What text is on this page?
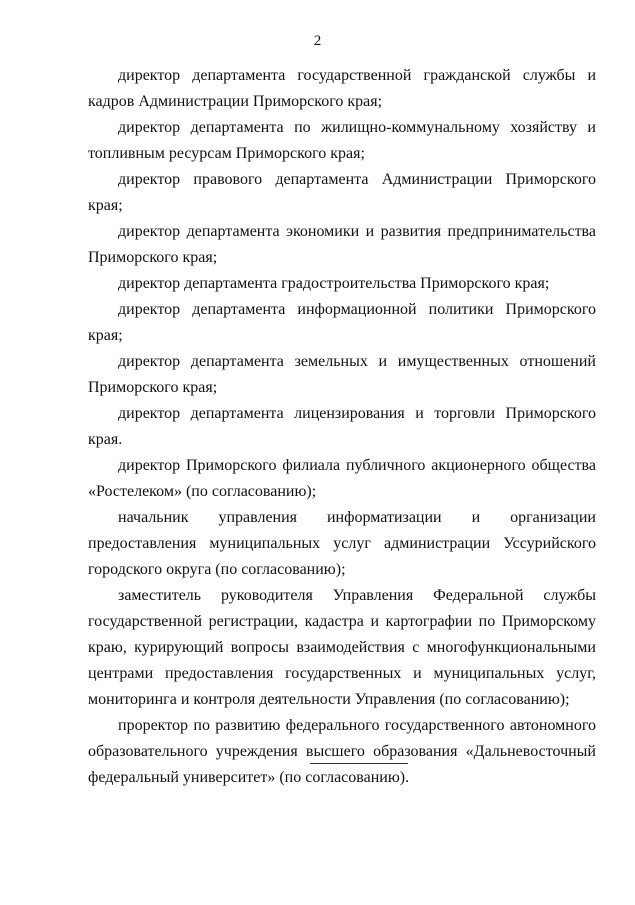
2

директор департамента государственной гражданской службы и кадров Администрации Приморского края;

директор департамента по жилищно-коммунальному хозяйству и топливным ресурсам Приморского края;

директор правового департамента Администрации Приморского края;

директор департамента экономики и развития предпринимательства Приморского края;

директор департамента градостроительства Приморского края;

директор департамента информационной политики Приморского края;

директор департамента земельных и имущественных отношений Приморского края;

директор департамента лицензирования и торговли Приморского края.

директор Приморского филиала публичного акционерного общества «Ростелеком» (по согласованию);

начальник управления информатизации и организации предоставления муниципальных услуг администрации Уссурийского городского округа (по согласованию);

заместитель руководителя Управления Федеральной службы государственной регистрации, кадастра и картографии по Приморскому краю, курирующий вопросы взаимодействия с многофункциональными центрами предоставления государственных и муниципальных услуг, мониторинга и контроля деятельности Управления (по согласованию);

проректор по развитию федерального государственного автономного образовательного учреждения высшего образования «Дальневосточный федеральный университет» (по согласованию).
